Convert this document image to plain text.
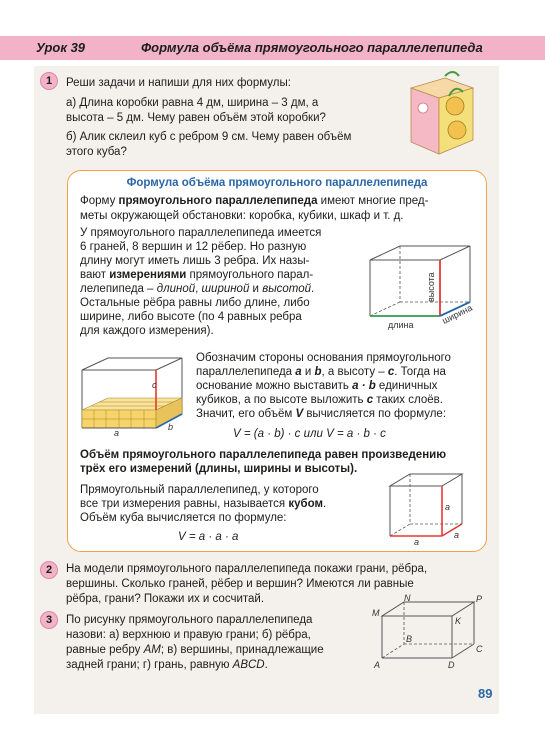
Урок 39	Формула объёма прямоугольного параллелепипеда
1	Реши задачи и напиши для них формулы:
а) Длина коробки равна 4 дм, ширина – 3 дм, а
высота – 5 дм. Чему равен объём этой коробки?
б) Алик склеил куб с ребром 9 см. Чему равен объём
этого куба?
Формула объёма прямоугольного параллелепипеда
Форму прямоугольного параллелепипеда имеют многие пред-
меты окружающей обстановки: коробка, кубики, шкаф и т. д.
У прямоугольного параллелепипеда имеется
6 граней, 8 вершин и 12 рёбер. Но разную
длину могут иметь лишь 3 ребра. Их назы-
вают измерениями прямоугольного парал-
лелепипеда – длиной, шириной и высотой.
Остальные рёбра равны либо длине, либо
ширине, либо высоте (по 4 равных ребра
для каждого измерения).	длина
высота
ширина
c
a
b
Обозначим стороны основания прямоугольного
параллелепипеда a и b, а высоту – c. Тогда на
основание можно выставить a · b единичных
кубиков, а по высоте выложить c таких слоёв.
Значит, его объём V вычисляется по формуле:
V = (a · b) · c или V = a · b · c
Объём прямоугольного параллелепипеда равен произведению
трёх его измерений (длины, ширины и высоты).
Прямоугольный параллелепипед, у которого
все три измерения равны, называется кубом.
Объём куба вычисляется по формуле:
V = a · a · a	a
a
a
2	На модели прямоугольного параллелепипеда покажи грани, рёбра,
вершины. Сколько граней, рёбер и вершин? Имеются ли равные
рёбра, грани? Покажи их и сосчитай.
3	По рисунку прямоугольного параллелепипеда
назови: а) верхнюю и правую грани; б) рёбра,
равные ребру AM; в) вершины, принадлежащие
задней грани; г) грань, равную ABCD.
M
N	P
K
B
C
A	D
89
